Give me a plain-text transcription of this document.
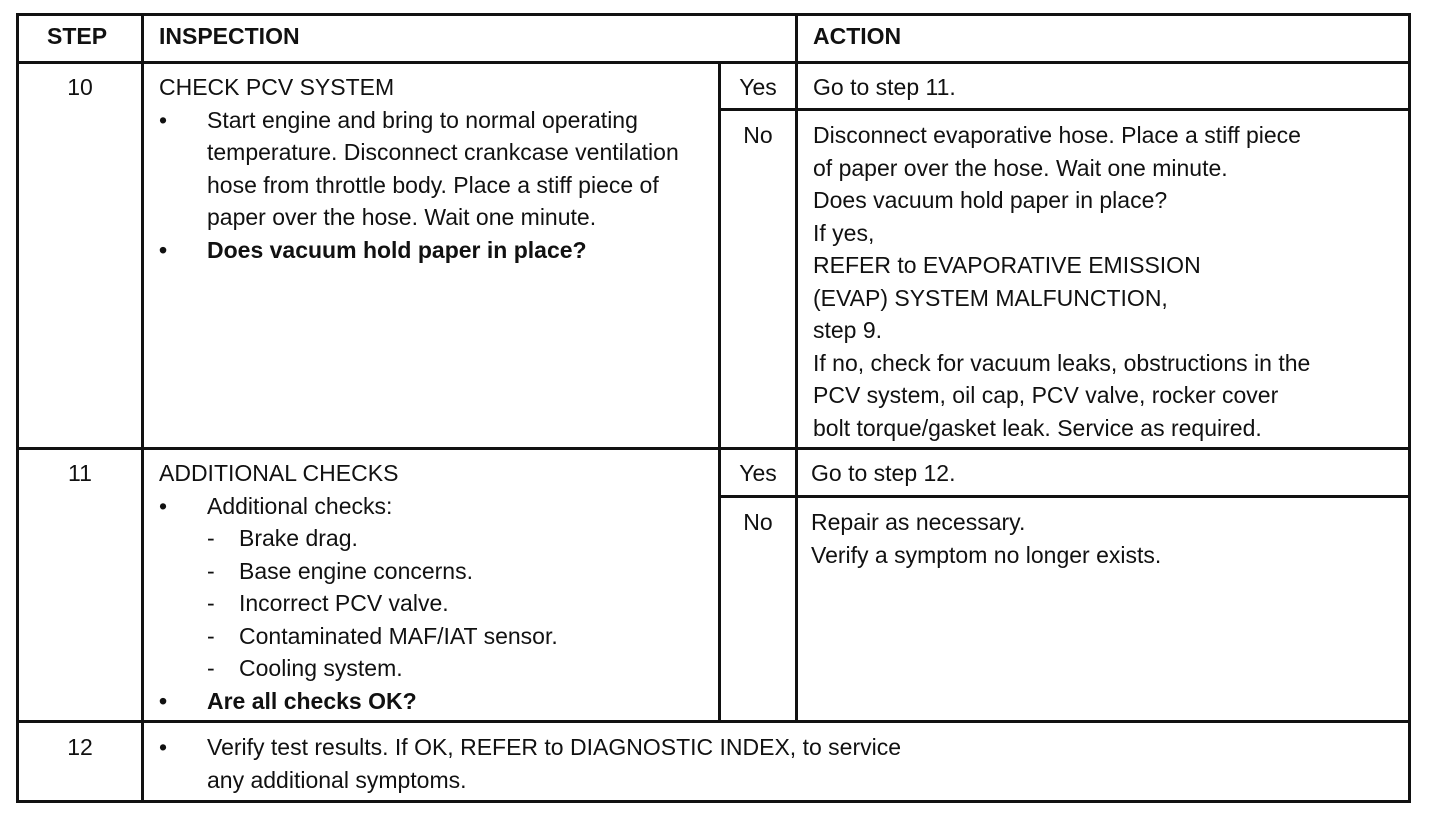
STEP INSPECTION	ACTION
10	CHECK PCV SYSTEM
• Start engine and bring to normal operating temperature. Disconnect crankcase ventilation hose from throttle body. Place a stiff piece of paper over the hose. Wait one minute.
• Does vacuum hold paper in place?
Yes	Go to step 11.
No	Disconnect evaporative hose. Place a stiff piece
of paper over the hose. Wait one minute.
Does vacuum hold paper in place?
If yes,
REFER to EVAPORATIVE EMISSION
(EVAP) SYSTEM MALFUNCTION,
step 9.
If no, check for vacuum leaks, obstructions in the
PCV system, oil cap, PCV valve, rocker cover
bolt torque/gasket leak. Service as required.
11	ADDITIONAL CHECKS
• Additional checks:
- Brake drag.
- Base engine concerns.
- Incorrect PCV valve.
- Contaminated MAF/IAT sensor.
- Cooling system.
• Are all checks OK?
Yes	Go to step 12.
No	Repair as necessary.
Verify a symptom no longer exists.
12
•	Verify test results. If OK, REFER to DIAGNOSTIC INDEX, to service
any additional symptoms.
